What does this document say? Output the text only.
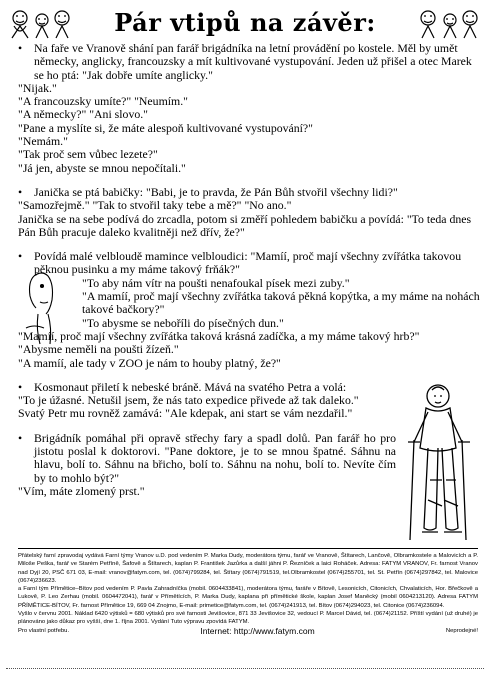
Pár vtipů na závěr:

• Na faře ve Vranově shání pan farář brigádníka na letní provádění po kostele. Měl by umět německy, anglicky, francouzsky a mít kultivované vystupování. Jeden už přišel a otec Marek se ho ptá: "Jak dobře umíte anglicky."

"Nijak."

"A francouzsky umíte?" "Neumím."

"A německy?" "Ani slovo."

"Pane a myslíte si, že máte alespoň kultivované vystupování?"

"Nemám."

"Tak proč sem vůbec lezete?"

"Já jen, abyste se mnou nepočítali."

• Janička se ptá babičky: "Babi, je to pravda, že Pán Bůh stvořil všechny lidi?"

"Samozřejmě." "Tak to stvořil taky tebe a mě?" "No ano."

Janička se na sebe podívá do zrcadla, potom si změří pohledem babičku a povídá: "To teda dnes Pán Bůh pracuje daleko kvalitněji než dřív, že?"

• Povídá malé velbloudě mamince velbloudici: "Mamíí, proč mají všechny zvířátka takovou pěknou pusinku a my máme takový frňák?"

"To aby nám vítr na poušti nenafoukal písek mezi zuby."

"A mamíí, proč mají všechny zvířátka taková pěkná kopýtka, a my máme na nohách takové bačkory?"

"To abysme se neboříli do písečných dun."

"Mamíí, proč mají všechny zvířátka taková krásná zadíčka, a my máme takový hrb?"

"Abysme neměli na poušti žízeň."

"A mamíí, ale tady v ZOO je nám to houby platný, že?"

• Kosmonaut přiletí k nebeské bráně. Mává na svatého Petra a volá:

"To je úžasné. Netušil jsem, že nás tato expedice přivede až tak daleko."

Svatý Petr mu rovněž zamává: "Ale kdepak, ani start se vám nezdařil."

• Brigádník pomáhal při opravě střechy fary a spadl dolů. Pan farář ho pro jistotu poslal k doktorovi. "Pane doktore, je to se mnou špatné. Sáhnu na hlavu, bolí to. Sáhnu na břicho, bolí to. Sáhnu na nohu, bolí to. Nevíte čím by to mohlo být?"

"Vím, máte zlomený prst."

Přátelský farní zpravodaj vydává Farní týmy Vranov u.D. pod vedením P. Marka Dudy, moderátora týmu, farář ve Vranově, Štítarech, Lančově, Olbramkostele a Malovicích a P. Miloše Peška, farář ve Starém Petříně, Šafově a Štítarech, kaplan P. František Jazůrka a další jáhni P. Řezníček a laici Roháček. Adresa: FATYM VRANOV, Fr. farnost Vranov nad Dyjí 20, PSČ 671 03, E-mail: vranov@fatym.com, tel. (0674)799284, tel. Štítary (0674)791519, tel.Olbramkostel (0674)255701, tel. St. Petřín (0674)297842, tel. Malovice (0674)236623.

a Farní tým Přímětice–Bítov pod vedením P. Pavla Zahradníčka (mobil. 0604433841), moderátora týmu, faráře v Bítově, Lesonicích, Citonicích, Chvalaticích, Hor. Břečkově a Lukově, P. Leo Zerhau (mobil. 0604472041), farář v Přímětících, P. Marka Dudy, kaplana při přímětické škole, kaplan Josef Maněcký (mobil 0604213120). Adresa FATYM PŘÍMĚTICE-BÍTOV, Fr. farnost Přímětice 19, 669 04 Znojmo, E-mail: primetice@fatym.com, tel. (0674)241913, tel. Bítov (0674)294023, tel. Citonice (0674)236094.

Vyšlo v červnu 2001. Náklad 6420 výtisků = 680 výtisků pro své farnosti Jevišovice, 871 33 Jevišovice 32, vedoucí P. Marcel Dávid, tel. (0674)21152. Příští vydání (už druhé) je plánováno jako důkaz pro vyšší, dne 1. října 2001. Vydání Tuto výpravu zpovídá FATYM.

Pro vlastní potřebu.	Internet: http://www.fatym.com	Neprodejné!
